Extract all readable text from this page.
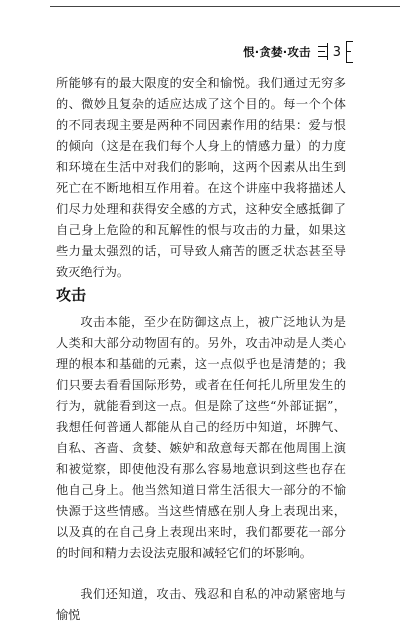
恨·贪婪·攻击 3

所能够有的最大限度的安全和愉悦。我们通过无穷多的、微妙且复杂的适应达成了这个目的。每一个个体的不同表现主要是两种不同因素作用的结果：爱与恨的倾向（这是在我们每个人身上的情感力量）的力度和环境在生活中对我们的影响，这两个因素从出生到死亡在不断地相互作用着。在这个讲座中我将描述人们尽力处理和获得安全感的方式，这种安全感抵御了自己身上危险的和瓦解性的恨与攻击的力量，如果这些力量太强烈的话，可导致人痛苦的匮乏状态甚至导致灭绝行为。

攻击

攻击本能，至少在防御这点上，被广泛地认为是人类和大部分动物固有的。另外，攻击冲动是人类心理的根本和基础的元素，这一点似乎也是清楚的；我们只要去看看国际形势，或者在任何托儿所里发生的行为，就能看到这一点。但是除了这些“外部证据”，我想任何普通人都能从自己的经历中知道，坏脾气、自私、吝啬、贪婪、嫉妒和敌意每天都在他周围上演和被觉察，即使他没有那么容易地意识到这些也存在他自己身上。他当然知道日常生活很大一部分的不愉快源于这些情感。当这些情感在别人身上表现出来，以及真的在自己身上表现出来时，我们都要花一部分的时间和精力去设法克服和减轻它们的坏影响。

我们还知道，攻击、残忍和自私的冲动紧密地与愉悦
